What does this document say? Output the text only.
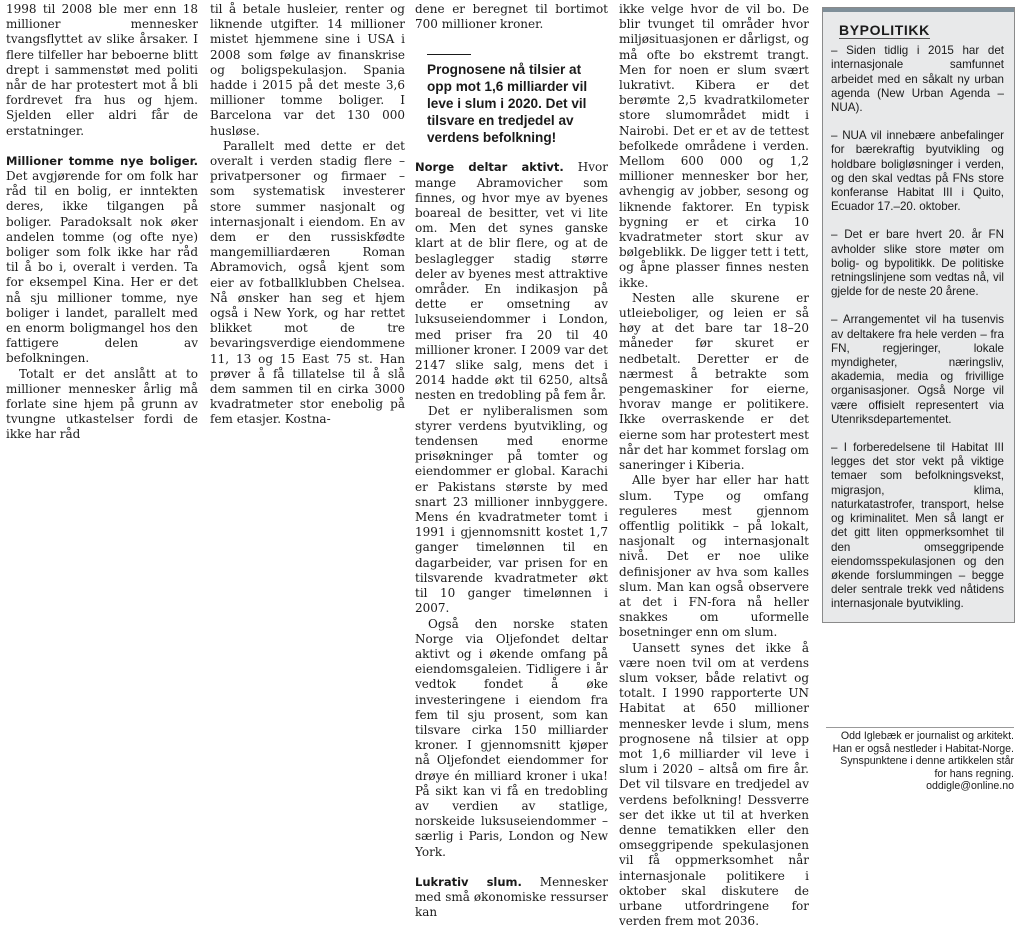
1998 til 2008 ble mer enn 18 millioner mennesker tvangsflyttet av slike årsaker. I flere tilfeller har beboerne blitt drept i sammenstøt med politi når de har protestert mot å bli fordrevet fra hus og hjem. Sjelden eller aldri får de erstatninger.

Millioner tomme nye boliger. Det avgjørende for om folk har råd til en bolig, er inntekten deres, ikke tilgangen på boliger. Paradoksalt nok øker andelen tomme (og ofte nye) boliger som folk ikke har råd til å bo i, overalt i verden. Ta for eksempel Kina. Her er det nå sju millioner tomme, nye boliger i landet, parallelt med en enorm boligmangel hos den fattigere delen av befolkningen.

Totalt er det anslått at to millioner mennesker årlig må forlate sine hjem på grunn av tvungne utkastelser fordi de ikke har råd

til å betale husleier, renter og liknende utgifter. 14 millioner mistet hjemmene sine i USA i 2008 som følge av finanskrise og boligspekulasjon. Spania hadde i 2015 på det meste 3,6 millioner tomme boliger. I Barcelona var det 130 000 husløse.

Parallelt med dette er det overalt i verden stadig flere – privatpersoner og firmaer – som systematisk investerer store summer nasjonalt og internasjonalt i eiendom. En av dem er den russiskfødte mangemilliardæren Roman Abramovich, også kjent som eier av fotballklubben Chelsea. Nå ønsker han seg et hjem også i New York, og har rettet blikket mot de tre bevaringsverdige eiendommene 11, 13 og 15 East 75 st. Han prøver å få tillatelse til å slå dem sammen til en cirka 3000 kvadratmeter stor enebolig på fem etasjer. Kostna-

dene er beregnet til bortimot 700 millioner kroner.

Prognosene nå tilsier at opp mot 1,6 milliarder vil leve i slum i 2020. Det vil tilsvare en tredjedel av verdens befolkning!

Norge deltar aktivt. Hvor mange Abramovicher som finnes, og hvor mye av byenes boareal de besitter, vet vi lite om. Men det synes ganske klart at de blir flere, og at de beslaglegger stadig større deler av byenes mest attraktive områder. En indikasjon på dette er omsetning av luksuseiendommer i London, med priser fra 20 til 40 millioner kroner. I 2009 var det 2147 slike salg, mens det i 2014 hadde økt til 6250, altså nesten en tredobling på fem år.

Det er nyliberalismen som styrer verdens byutvikling, og tendensen med enorme prisøkninger på tomter og eiendommer er global. Karachi er Pakistans største by med snart 23 millioner innbyggere. Mens én kvadratmeter tomt i 1991 i gjennomsnitt kostet 1,7 ganger timelønnen til en dagarbeider, var prisen for en tilsvarende kvadratmeter økt til 10 ganger timelønnen i 2007.

Også den norske staten Norge via Oljefondet deltar aktivt og i økende omfang på eiendomsgaleien. Tidligere i år vedtok fondet å øke investeringene i eiendom fra fem til sju prosent, som kan tilsvare cirka 150 milliarder kroner. I gjennomsnitt kjøper nå Oljefondet eiendommer for drøye én milliard kroner i uka! På sikt kan vi få en tredobling av verdien av statlige, norskeide luksuseiendommer – særlig i Paris, London og New York.

Lukrativ slum. Mennesker med små økonomiske ressurser kan

ikke velge hvor de vil bo. De blir tvunget til områder hvor miljøsituasjonen er dårligst, og må ofte bo ekstremt trangt. Men for noen er slum svært lukrativt. Kibera er det berømte 2,5 kvadratkilometer store slumområdet midt i Nairobi. Det er et av de tettest befolkede områdene i verden. Mellom 600 000 og 1,2 millioner mennesker bor her, avhengig av jobber, sesong og liknende faktorer. En typisk bygning er et cirka 10 kvadratmeter stort skur av bølgeblikk. De ligger tett i tett, og åpne plasser finnes nesten ikke.

Nesten alle skurene er utleieboliger, og leien er så høy at det bare tar 18–20 måneder før skuret er nedbetalt. Deretter er de nærmest å betrakte som pengemaskiner for eierne, hvorav mange er politikere. Ikke overraskende er det eierne som har protestert mest når det har kommet forslag om saneringer i Kiberia.

Alle byer har eller har hatt slum. Type og omfang reguleres mest gjennom offentlig politikk – på lokalt, nasjonalt og internasjonalt nivå. Det er noe ulike definisjoner av hva som kalles slum. Man kan også observere at det i FN-fora nå heller snakkes om uformelle bosetninger enn om slum.

Uansett synes det ikke å være noen tvil om at verdens slum vokser, både relativt og totalt. I 1990 rapporterte UN Habitat at 650 millioner mennesker levde i slum, mens prognosene nå tilsier at opp mot 1,6 milliarder vil leve i slum i 2020 – altså om fire år. Det vil tilsvare en tredjedel av verdens befolkning! Dessverre ser det ikke ut til at hverken denne tematikken eller den omseggripende spekulasjonen vil få oppmerksomhet når internasjonale politikere i oktober skal diskutere de urbane utfordringene for verden frem mot 2036.

BYPOLITIKK

– Siden tidlig i 2015 har det internasjonale samfunnet arbeidet med en såkalt ny urban agenda (New Urban Agenda – NUA).

– NUA vil innebære anbefalinger for bærekraftig byutvikling og holdbare boligløsninger i verden, og den skal vedtas på FNs store konferanse Habitat III i Quito, Ecuador 17.–20. oktober.

– Det er bare hvert 20. år FN avholder slike store møter om bolig- og bypolitikk. De politiske retningslinjene som vedtas nå, vil gjelde for de neste 20 årene.

– Arrangementet vil ha tusenvis av deltakere fra hele verden – fra FN, regjeringer, lokale myndigheter, næringsliv, akademia, media og frivillige organisasjoner. Også Norge vil være offisielt representert via Utenriksdepartementet.

– I forberedelsene til Habitat III legges det stor vekt på viktige temaer som befolkningsvekst, migrasjon, klima, naturkatastrofer, transport, helse og kriminalitet. Men så langt er det gitt liten oppmerksomhet til den omseggripende eiendomsspekulasjonen og den økende forslummingen – begge deler sentrale trekk ved nåtidens internasjonale byutvikling.

Odd Iglebæk er journalist og arkitekt.
Han er også nestleder i Habitat-Norge.
Synspunktene i denne artikkelen står
for hans regning.
oddigle@online.no
